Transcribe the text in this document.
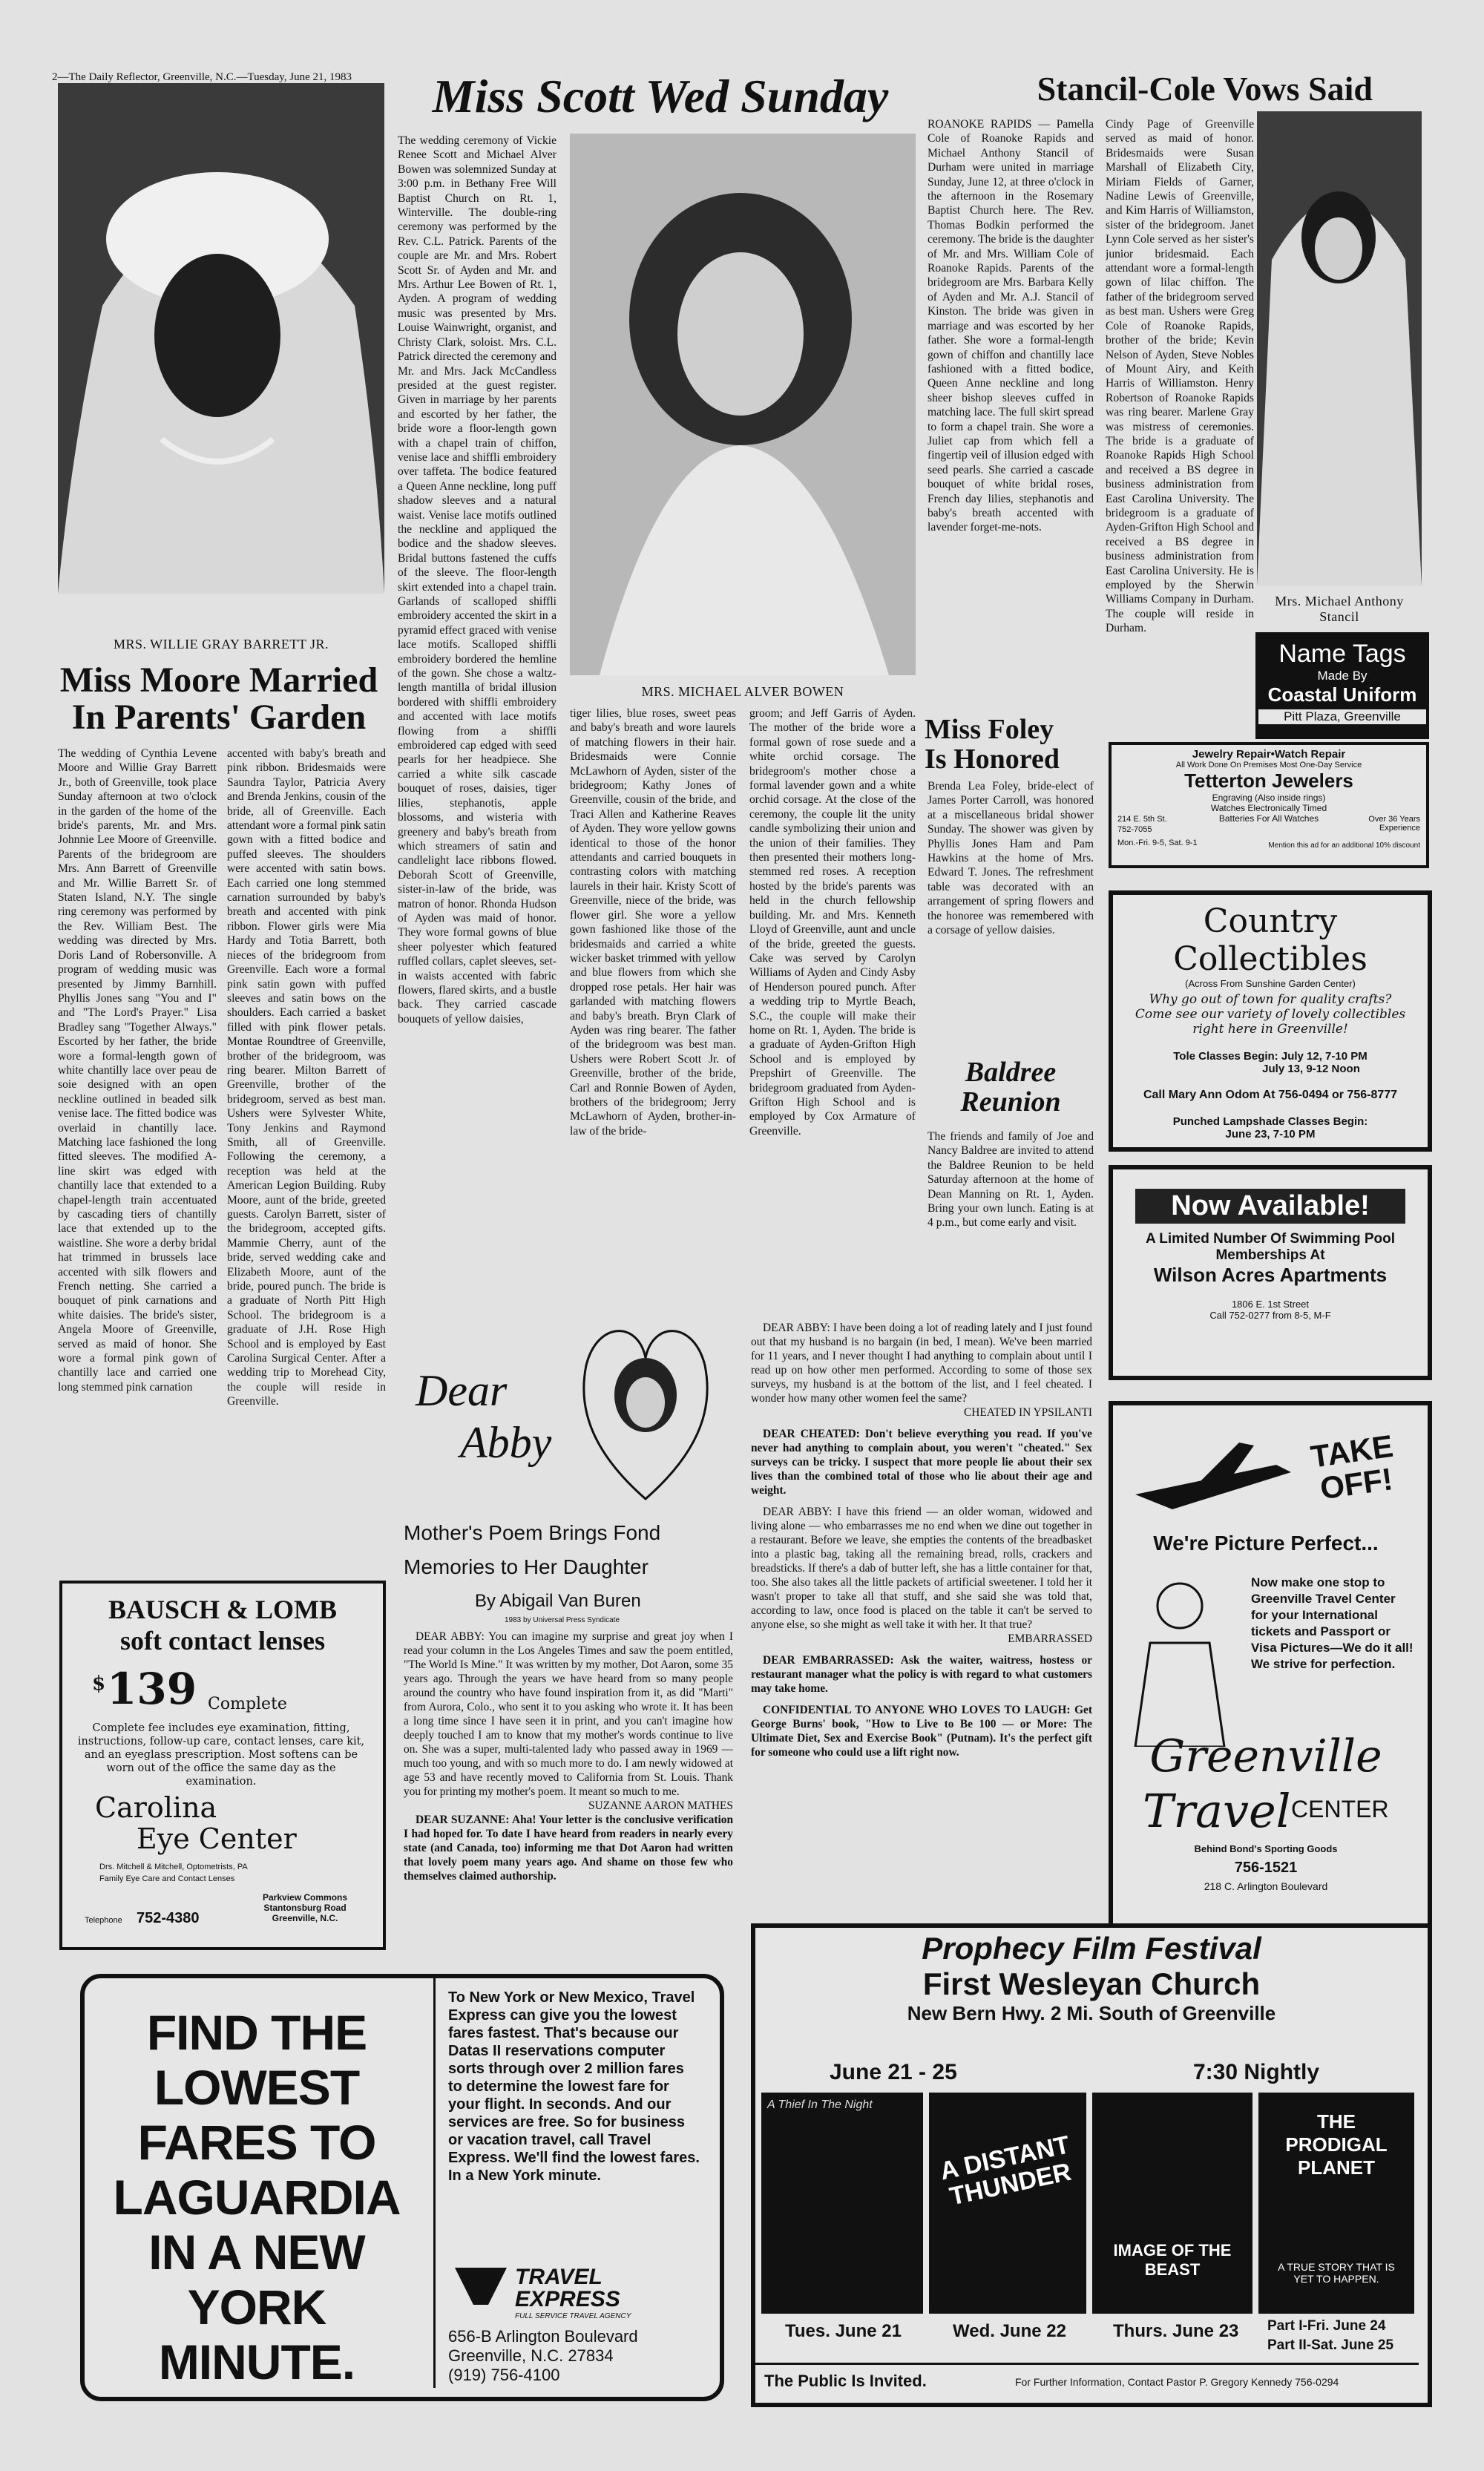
2—The Daily Reflector, Greenville, N.C.—Tuesday, June 21, 1983
MRS. WILLIE GRAY BARRETT JR.
Miss Moore Married
In Parents' Garden
The wedding of Cynthia Levene Moore and Willie Gray Barrett Jr., both of Greenville, took place Sunday afternoon at two o'clock in the garden of the home of the bride's parents, Mr. and Mrs. Johnnie Lee Moore of Greenville. Parents of the bridegroom are Mrs. Ann Barrett of Greenville and Mr. Willie Barrett Sr. of Staten Island, N.Y. The single ring ceremony was performed by the Rev. William Best. The wedding was directed by Mrs. Doris Land of Robersonville. A program of wedding music was presented by Jimmy Barnhill. Phyllis Jones sang "You and I" and "The Lord's Prayer." Lisa Bradley sang "Together Always." Escorted by her father, the bride wore a formal-length gown of white chantilly lace over peau de soie designed with an open neckline outlined in beaded silk venise lace. The fitted bodice was overlaid in chantilly lace. Matching lace fashioned the long fitted sleeves. The modified A-line skirt was edged with chantilly lace that extended to a chapel-length train accentuated by cascading tiers of chantilly lace that extended up to the waistline. She wore a derby bridal hat trimmed in brussels lace accented with silk flowers and French netting. She carried a bouquet of pink carnations and white daisies. The bride's sister, Angela Moore of Greenville, served as maid of honor. She wore a formal pink gown of chantilly lace and carried one long stemmed pink carnation
accented with baby's breath and pink ribbon. Bridesmaids were Saundra Taylor, Patricia Avery and Brenda Jenkins, cousin of the bride, all of Greenville. Each attendant wore a formal pink satin gown with a fitted bodice and puffed sleeves. The shoulders were accented with satin bows. Each carried one long stemmed carnation surrounded by baby's breath and accented with pink ribbon. Flower girls were Mia Hardy and Totia Barrett, both nieces of the bridegroom from Greenville. Each wore a formal pink satin gown with puffed sleeves and satin bows on the shoulders. Each carried a basket filled with pink flower petals. Montae Roundtree of Greenville, brother of the bridegroom, was ring bearer. Milton Barrett of Greenville, brother of the bridegroom, served as best man. Ushers were Sylvester White, Tony Jenkins and Raymond Smith, all of Greenville. Following the ceremony, a reception was held at the American Legion Building. Ruby Moore, aunt of the bride, greeted guests. Carolyn Barrett, sister of the bridegroom, accepted gifts. Mammie Cherry, aunt of the bride, served wedding cake and Elizabeth Moore, aunt of the bride, poured punch. The bride is a graduate of North Pitt High School. The bridegroom is a graduate of J.H. Rose High School and is employed by East Carolina Surgical Center. After a wedding trip to Morehead City, the couple will reside in Greenville.
Miss Scott Wed Sunday
The wedding ceremony of Vickie Renee Scott and Michael Alver Bowen was solemnized Sunday at 3:00 p.m. in Bethany Free Will Baptist Church on Rt. 1, Winterville. The double-ring ceremony was performed by the Rev. C.L. Patrick. Parents of the couple are Mr. and Mrs. Robert Scott Sr. of Ayden and Mr. and Mrs. Arthur Lee Bowen of Rt. 1, Ayden. A program of wedding music was presented by Mrs. Louise Wainwright, organist, and Christy Clark, soloist. Mrs. C.L. Patrick directed the ceremony and Mr. and Mrs. Jack McCandless presided at the guest register. Given in marriage by her parents and escorted by her father, the bride wore a floor-length gown with a chapel train of chiffon, venise lace and shiffli embroidery over taffeta. The bodice featured a Queen Anne neckline, long puff shadow sleeves and a natural waist. Venise lace motifs outlined the neckline and appliqued the bodice and the shadow sleeves. Bridal buttons fastened the cuffs of the sleeve. The floor-length skirt extended into a chapel train. Garlands of scalloped shiffli embroidery accented the skirt in a pyramid effect graced with venise lace motifs. Scalloped shiffli embroidery bordered the hemline of the gown. She chose a waltz-length mantilla of bridal illusion bordered with shiffli embroidery and accented with lace motifs flowing from a shiffli embroidered cap edged with seed pearls for her headpiece. She carried a white silk cascade bouquet of roses, daisies, tiger lilies, stephanotis, apple blossoms, and wisteria with greenery and baby's breath from which streamers of satin and candlelight lace ribbons flowed. Deborah Scott of Greenville, sister-in-law of the bride, was matron of honor. Rhonda Hudson of Ayden was maid of honor. They wore formal gowns of blue sheer polyester which featured ruffled collars, caplet sleeves, set-in waists accented with fabric flowers, flared skirts, and a bustle back. They carried cascade bouquets of yellow daisies,
MRS. MICHAEL ALVER BOWEN
tiger lilies, blue roses, sweet peas and baby's breath and wore laurels of matching flowers in their hair. Bridesmaids were Connie McLawhorn of Ayden, sister of the bridegroom; Kathy Jones of Greenville, cousin of the bride, and Traci Allen and Katherine Reaves of Ayden. They wore yellow gowns identical to those of the honor attendants and carried bouquets in contrasting colors with matching laurels in their hair. Kristy Scott of Greenville, niece of the bride, was flower girl. She wore a yellow gown fashioned like those of the bridesmaids and carried a white wicker basket trimmed with yellow and blue flowers from which she dropped rose petals. Her hair was garlanded with matching flowers and baby's breath. Bryn Clark of Ayden was ring bearer. The father of the bridegroom was best man. Ushers were Robert Scott Jr. of Greenville, brother of the bride, Carl and Ronnie Bowen of Ayden, brothers of the bridegroom; Jerry McLawhorn of Ayden, brother-in-law of the bride-
groom; and Jeff Garris of Ayden. The mother of the bride wore a formal gown of rose suede and a white orchid corsage. The bridegroom's mother chose a formal lavender gown and a white orchid corsage. At the close of the ceremony, the couple lit the unity candle symbolizing their union and the union of their families. They then presented their mothers long-stemmed red roses. A reception hosted by the bride's parents was held in the church fellowship building. Mr. and Mrs. Kenneth Lloyd of Greenville, aunt and uncle of the bride, greeted the guests. Cake was served by Carolyn Williams of Ayden and Cindy Asby of Henderson poured punch. After a wedding trip to Myrtle Beach, S.C., the couple will make their home on Rt. 1, Ayden. The bride is a graduate of Ayden-Grifton High School and is employed by Prepshirt of Greenville. The bridegroom graduated from Ayden-Grifton High School and is employed by Cox Armature of Greenville.
Stancil-Cole Vows Said
ROANOKE RAPIDS — Pamella Cole of Roanoke Rapids and Michael Anthony Stancil of Durham were united in marriage Sunday, June 12, at three o'clock in the afternoon in the Rosemary Baptist Church here. The Rev. Thomas Bodkin performed the ceremony. The bride is the daughter of Mr. and Mrs. William Cole of Roanoke Rapids. Parents of the bridegroom are Mrs. Barbara Kelly of Ayden and Mr. A.J. Stancil of Kinston. The bride was given in marriage and was escorted by her father. She wore a formal-length gown of chiffon and chantilly lace fashioned with a fitted bodice, Queen Anne neckline and long sheer bishop sleeves cuffed in matching lace. The full skirt spread to form a chapel train. She wore a Juliet cap from which fell a fingertip veil of illusion edged with seed pearls. She carried a cascade bouquet of white bridal roses, French day lilies, stephanotis and baby's breath accented with lavender forget-me-nots.
Cindy Page of Greenville served as maid of honor. Bridesmaids were Susan Marshall of Elizabeth City, Miriam Fields of Garner, Nadine Lewis of Greenville, and Kim Harris of Williamston, sister of the bridegroom. Janet Lynn Cole served as her sister's junior bridesmaid. Each attendant wore a formal-length gown of lilac chiffon. The father of the bridegroom served as best man. Ushers were Greg Cole of Roanoke Rapids, brother of the bride; Kevin Nelson of Ayden, Steve Nobles of Mount Airy, and Keith Harris of Williamston. Henry Robertson of Roanoke Rapids was ring bearer. Marlene Gray was mistress of ceremonies. The bride is a graduate of Roanoke Rapids High School and received a BS degree in business administration from East Carolina University. The bridegroom is a graduate of Ayden-Grifton High School and received a BS degree in business administration from East Carolina University. He is employed by the Sherwin Williams Company in Durham. The couple will reside in Durham.
Mrs. Michael Anthony
Stancil
Name Tags
Made By
Coastal Uniform
Pitt Plaza, Greenville
Miss Foley
Is Honored
Brenda Lea Foley, bride-elect of James Porter Carroll, was honored at a miscellaneous bridal shower Sunday. The shower was given by Phyllis Jones Ham and Pam Hawkins at the home of Mrs. Edward T. Jones. The refreshment table was decorated with an arrangement of spring flowers and the honoree was remembered with a corsage of yellow daisies.
Baldree
Reunion
The friends and family of Joe and Nancy Baldree are invited to attend the Baldree Reunion to be held Saturday afternoon at the home of Dean Manning on Rt. 1, Ayden. Bring your own lunch. Eating is at 4 p.m., but come early and visit.
Jewelry Repair•Watch Repair
All Work Done On Premises Most One-Day Service
Tetterton Jewelers
Engraving (Also inside rings)
Watches Electronically Timed
Batteries For All Watches
214 E. 5th St.
752-7055
Mon.-Fri. 9-5, Sat. 9-1
Over 36 Years
Experience
Mention this ad for an additional 10% discount
Country Collectibles
(Across From Sunshine Garden Center)
Why go out of town for quality crafts?
Come see our variety of lovely collectibles
right here in Greenville!
Tole Classes Begin: July 12, 7-10 PM
July 13, 9-12 Noon
Call Mary Ann Odom At 756-0494 or 756-8777
Punched Lampshade Classes Begin:
June 23, 7-10 PM
Now Available!
A Limited Number Of Swimming Pool
Memberships At
Wilson Acres Apartments
1806 E. 1st Street
Call 752-0277 from 8-5, M-F
TAKE OFF!
We're Picture Perfect...
Now make one stop to Greenville Travel Center for your International tickets and Passport or Visa Pictures—We do it all! We strive for perfection.
Greenville
Travel CENTER
Behind Bond's Sporting Goods
756-1521
218 C. Arlington Boulevard
Dear
Abby
Mother's Poem Brings Fond
Memories to Her Daughter
By Abigail Van Buren
1983 by Universal Press Syndicate

DEAR ABBY: You can imagine my surprise and great joy when I read your column in the Los Angeles Times and saw the poem entitled, "The World Is Mine." It was written by my mother, Dot Aaron, some 35 years ago. Through the years we have heard from so many people around the country who have found inspiration from it, as did "Marti" from Aurora, Colo., who sent it to you asking who wrote it. It has been a long time since I have seen it in print, and you can't imagine how deeply touched I am to know that my mother's words continue to live on. She was a super, multi-talented lady who passed away in 1969 — much too young, and with so much more to do. I am newly widowed at age 53 and have recently moved to California from St. Louis. Thank you for printing my mother's poem. It meant so much to me.

SUZANNE AARON MATHES

DEAR SUZANNE: Aha! Your letter is the conclusive verification I had hoped for. To date I have heard from readers in nearly every state (and Canada, too) informing me that Dot Aaron had written that lovely poem many years ago. And shame on those few who themselves claimed authorship.

DEAR ABBY: I have been doing a lot of reading lately and I just found out that my husband is no bargain (in bed, I mean). We've been married for 11 years, and I never thought I had anything to complain about until I read up on how other men performed. According to some of those sex surveys, my husband is at the bottom of the list, and I feel cheated. I wonder how many other women feel the same?

CHEATED IN YPSILANTI

DEAR CHEATED: Don't believe everything you read. If you've never had anything to complain about, you weren't "cheated." Sex surveys can be tricky. I suspect that more people lie about their sex lives than the combined total of those who lie about their age and weight.

DEAR ABBY: I have this friend — an older woman, widowed and living alone — who embarrasses me no end when we dine out together in a restaurant. Before we leave, she empties the contents of the breadbasket into a plastic bag, taking all the remaining bread, rolls, crackers and breadsticks. If there's a dab of butter left, she has a little container for that, too. She also takes all the little packets of artificial sweetener. I told her it wasn't proper to take all that stuff, and she said she was told that, according to law, once food is placed on the table it can't be served to anyone else, so she might as well take it with her. It that true?

EMBARRASSED

DEAR EMBARRASSED: Ask the waiter, waitress, hostess or restaurant manager what the policy is with regard to what customers may take home.

CONFIDENTIAL TO ANYONE WHO LOVES TO LAUGH: Get George Burns' book, "How to Live to Be 100 — or More: The Ultimate Diet, Sex and Exercise Book" (Putnam). It's the perfect gift for someone who could use a lift right now.

BAUSCH & LOMB
soft contact lenses
$ 139 Complete
Complete fee includes eye examination, fitting, instructions, follow-up care, contact lenses, care kit, and an eyeglass prescription. Most softens can be worn out of the office the same day as the examination.
Carolina
Eye Center
Drs. Mitchell & Mitchell, Optometrists, PA
Family Eye Care and Contact Lenses
Telephone 752-4380
Parkview Commons
Stantonsburg Road
Greenville, N.C.
FIND THE LOWEST FARES TO LAGUARDIA IN A NEW YORK MINUTE.
To New York or New Mexico, Travel Express can give you the lowest fares fastest. That's because our Datas II reservations computer sorts through over 2 million fares to determine the lowest fare for your flight. In seconds. And our services are free. So for business or vacation travel, call Travel Express. We'll find the lowest fares. In a New York minute.
TRAVEL
EXPRESS
FULL SERVICE TRAVEL AGENCY
656-B Arlington Boulevard
Greenville, N.C. 27834
(919) 756-4100
Prophecy Film Festival
First Wesleyan Church
New Bern Hwy. 2 Mi. South of Greenville
June 21 - 25	7:30 Nightly
A Thief In The Night
A DISTANT THUNDER
IMAGE OF THE BEAST
THE
PRODIGAL
PLANET
A TRUE STORY THAT IS YET TO HAPPEN.
Tues. June 21	Wed. June 22	Thurs. June 23 Part I-Fri. June 24
Part II-Sat. June 25
The Public Is Invited.	For Further Information, Contact Pastor P. Gregory Kennedy 756-0294
